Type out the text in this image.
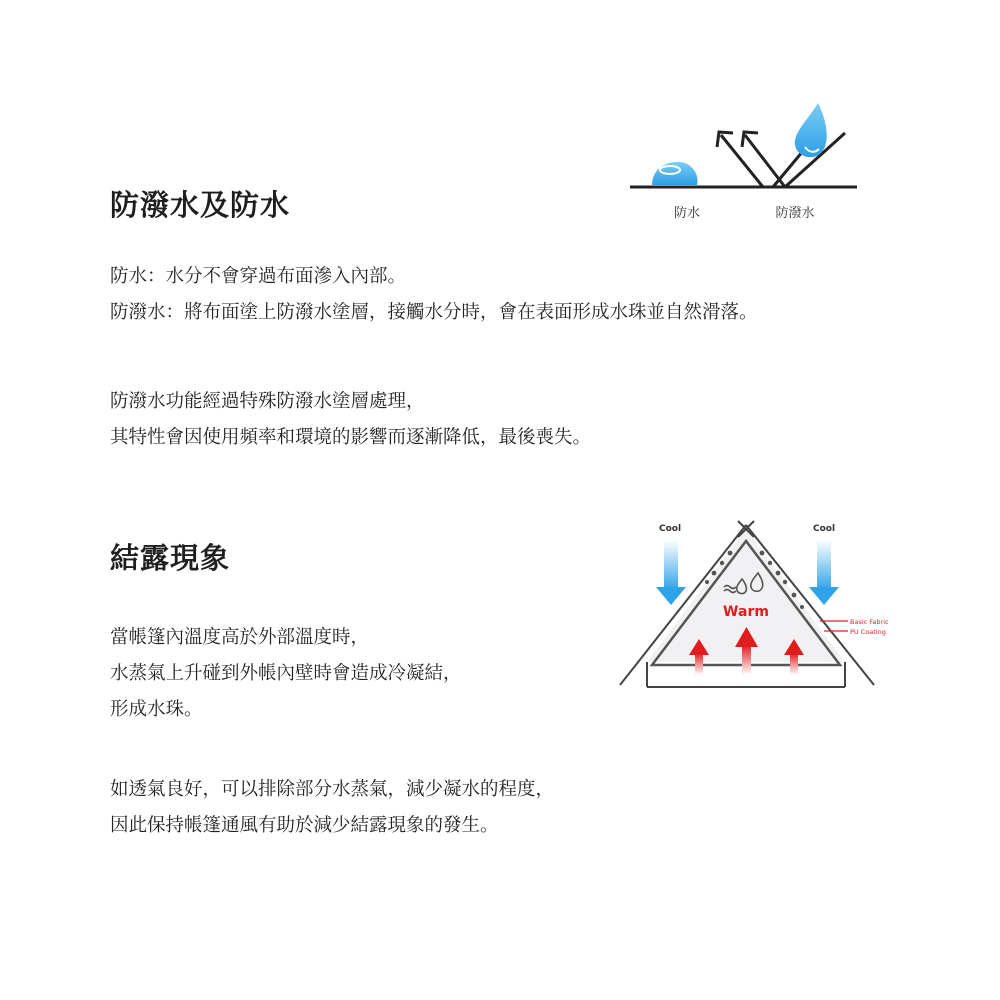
防潑水及防水	防水	防潑水

防水：水分不會穿過布面滲入內部。

防潑水：將布面塗上防潑水塗層，接觸水分時，會在表面形成水珠並自然滑落。

防潑水功能經過特殊防潑水塗層處理，

其特性會因使用頻率和環境的影響而逐漸降低，最後喪失。

結露現象
Cool	Cool
Warm
Basic Fabric
PU Coating

當帳篷內溫度高於外部溫度時，

水蒸氣上升碰到外帳內壁時會造成冷凝結，

形成水珠。

如透氣良好，可以排除部分水蒸氣，減少凝水的程度，

因此保持帳篷通風有助於減少結露現象的發生。
